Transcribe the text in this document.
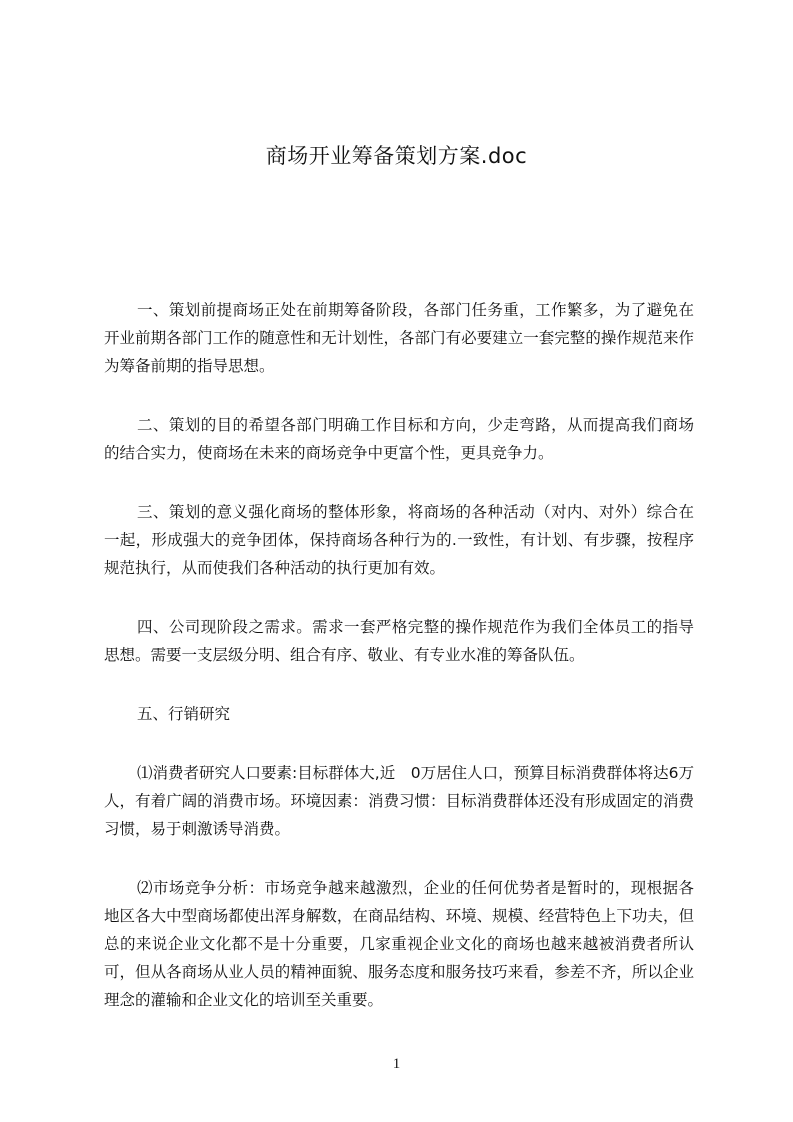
商场开业筹备策划方案.doc

一、策划前提商场正处在前期筹备阶段，各部门任务重，工作繁多，为了避免在开业前期各部门工作的随意性和无计划性，各部门有必要建立一套完整的操作规范来作为筹备前期的指导思想。

二、策划的目的希望各部门明确工作目标和方向，少走弯路，从而提高我们商场的结合实力，使商场在未来的商场竞争中更富个性，更具竞争力。

三、策划的意义强化商场的整体形象，将商场的各种活动（对内、对外）综合在一起，形成强大的竞争团体，保持商场各种行为的.一致性，有计划、有步骤，按程序规范执行，从而使我们各种活动的执行更加有效。

四、公司现阶段之需求。需求一套严格完整的操作规范作为我们全体员工的指导思想。需要一支层级分明、组合有序、敬业、有专业水准的筹备队伍。

五、行销研究

⑴消费者研究人口要素:目标群体大,近　0万居住人口，预算目标消费群体将达6万人，有着广阔的消费市场。环境因素：消费习惯：目标消费群体还没有形成固定的消费习惯，易于刺激诱导消费。

⑵市场竞争分析：市场竞争越来越激烈，企业的任何优势者是暂时的，现根据各地区各大中型商场都使出浑身解数，在商品结构、环境、规模、经营特色上下功夫，但总的来说企业文化都不是十分重要，几家重视企业文化的商场也越来越被消费者所认可，但从各商场从业人员的精神面貌、服务态度和服务技巧来看，参差不齐，所以企业理念的灌输和企业文化的培训至关重要。

1
